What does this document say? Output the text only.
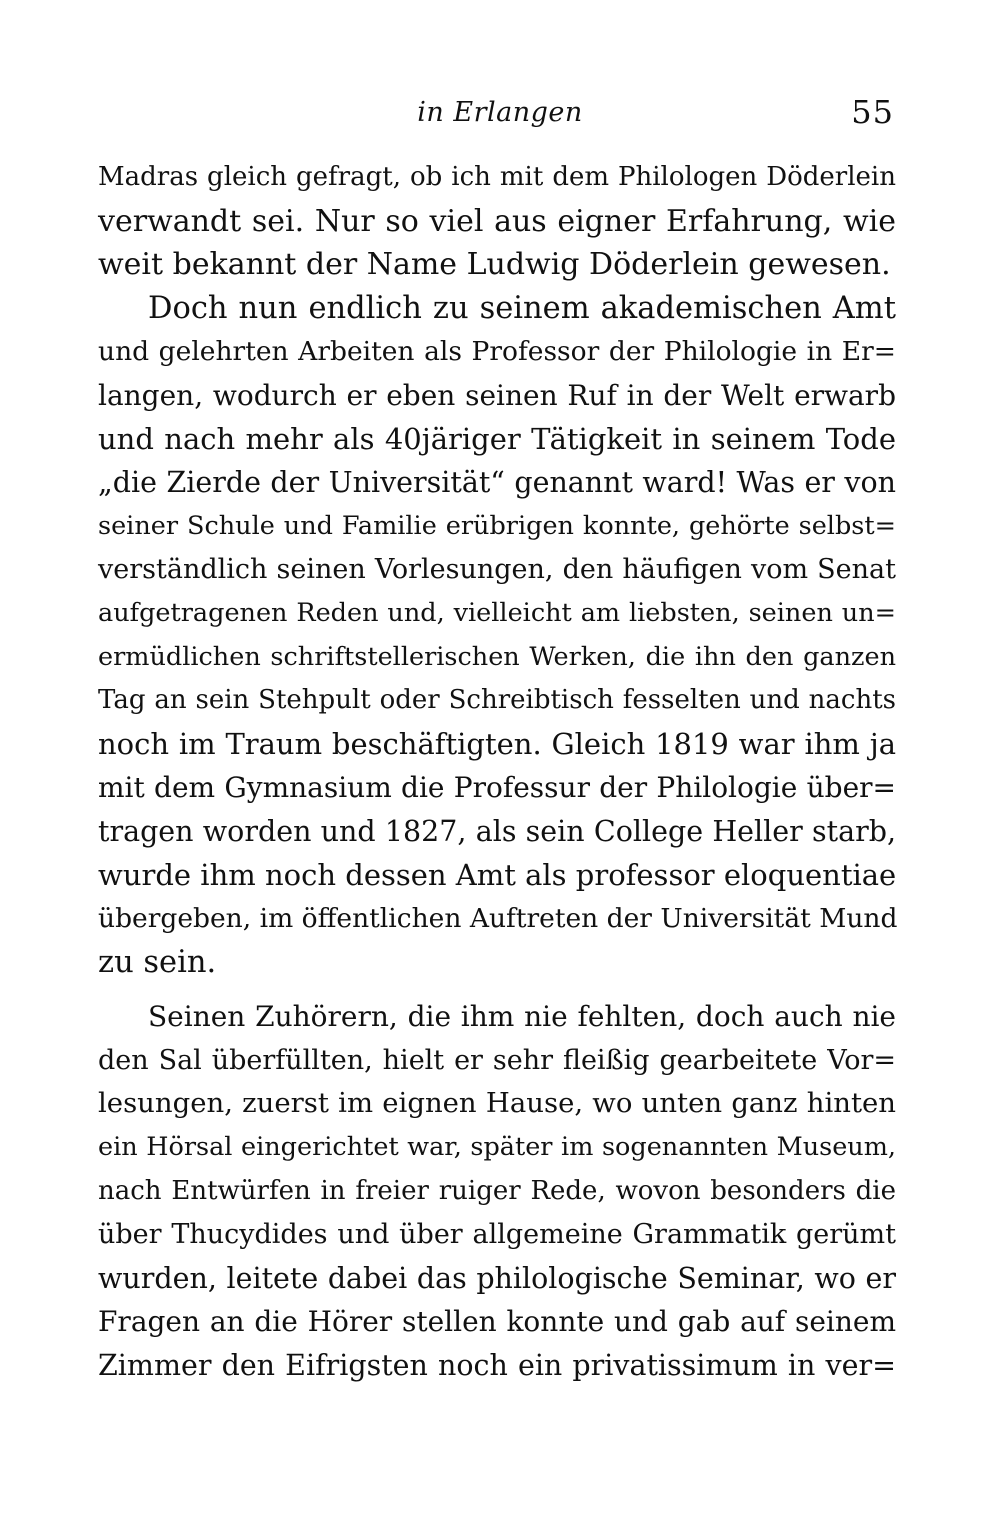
in Erlangen	55
Madras gleich gefragt, ob ich mit dem Philologen Döderlein
verwandt sei. Nur so viel aus eigner Erfahrung, wie
weit bekannt der Name Ludwig Döderlein gewesen.
Doch nun endlich zu seinem akademischen Amt
und gelehrten Arbeiten als Professor der Philologie in Er=
langen, wodurch er eben seinen Ruf in der Welt erwarb
und nach mehr als 40järiger Tätigkeit in seinem Tode
„die Zierde der Universität“ genannt ward! Was er von
seiner Schule und Familie erübrigen konnte, gehörte selbst=
verständlich seinen Vorlesungen, den häufigen vom Senat
aufgetragenen Reden und, vielleicht am liebsten, seinen un=
ermüdlichen schriftstellerischen Werken, die ihn den ganzen
Tag an sein Stehpult oder Schreibtisch fesselten und nachts
noch im Traum beschäftigten. Gleich 1819 war ihm ja
mit dem Gymnasium die Professur der Philologie über=
tragen worden und 1827, als sein College Heller starb,
wurde ihm noch dessen Amt als professor eloquentiae
übergeben, im öffentlichen Auftreten der Universität Mund
zu sein.
Seinen Zuhörern, die ihm nie fehlten, doch auch nie
den Sal überfüllten, hielt er sehr fleißig gearbeitete Vor=
lesungen, zuerst im eignen Hause, wo unten ganz hinten
ein Hörsal eingerichtet war, später im sogenannten Museum,
nach Entwürfen in freier ruiger Rede, wovon besonders die
über Thucydides und über allgemeine Grammatik gerümt
wurden, leitete dabei das philologische Seminar, wo er
Fragen an die Hörer stellen konnte und gab auf seinem
Zimmer den Eifrigsten noch ein privatissimum in ver=
